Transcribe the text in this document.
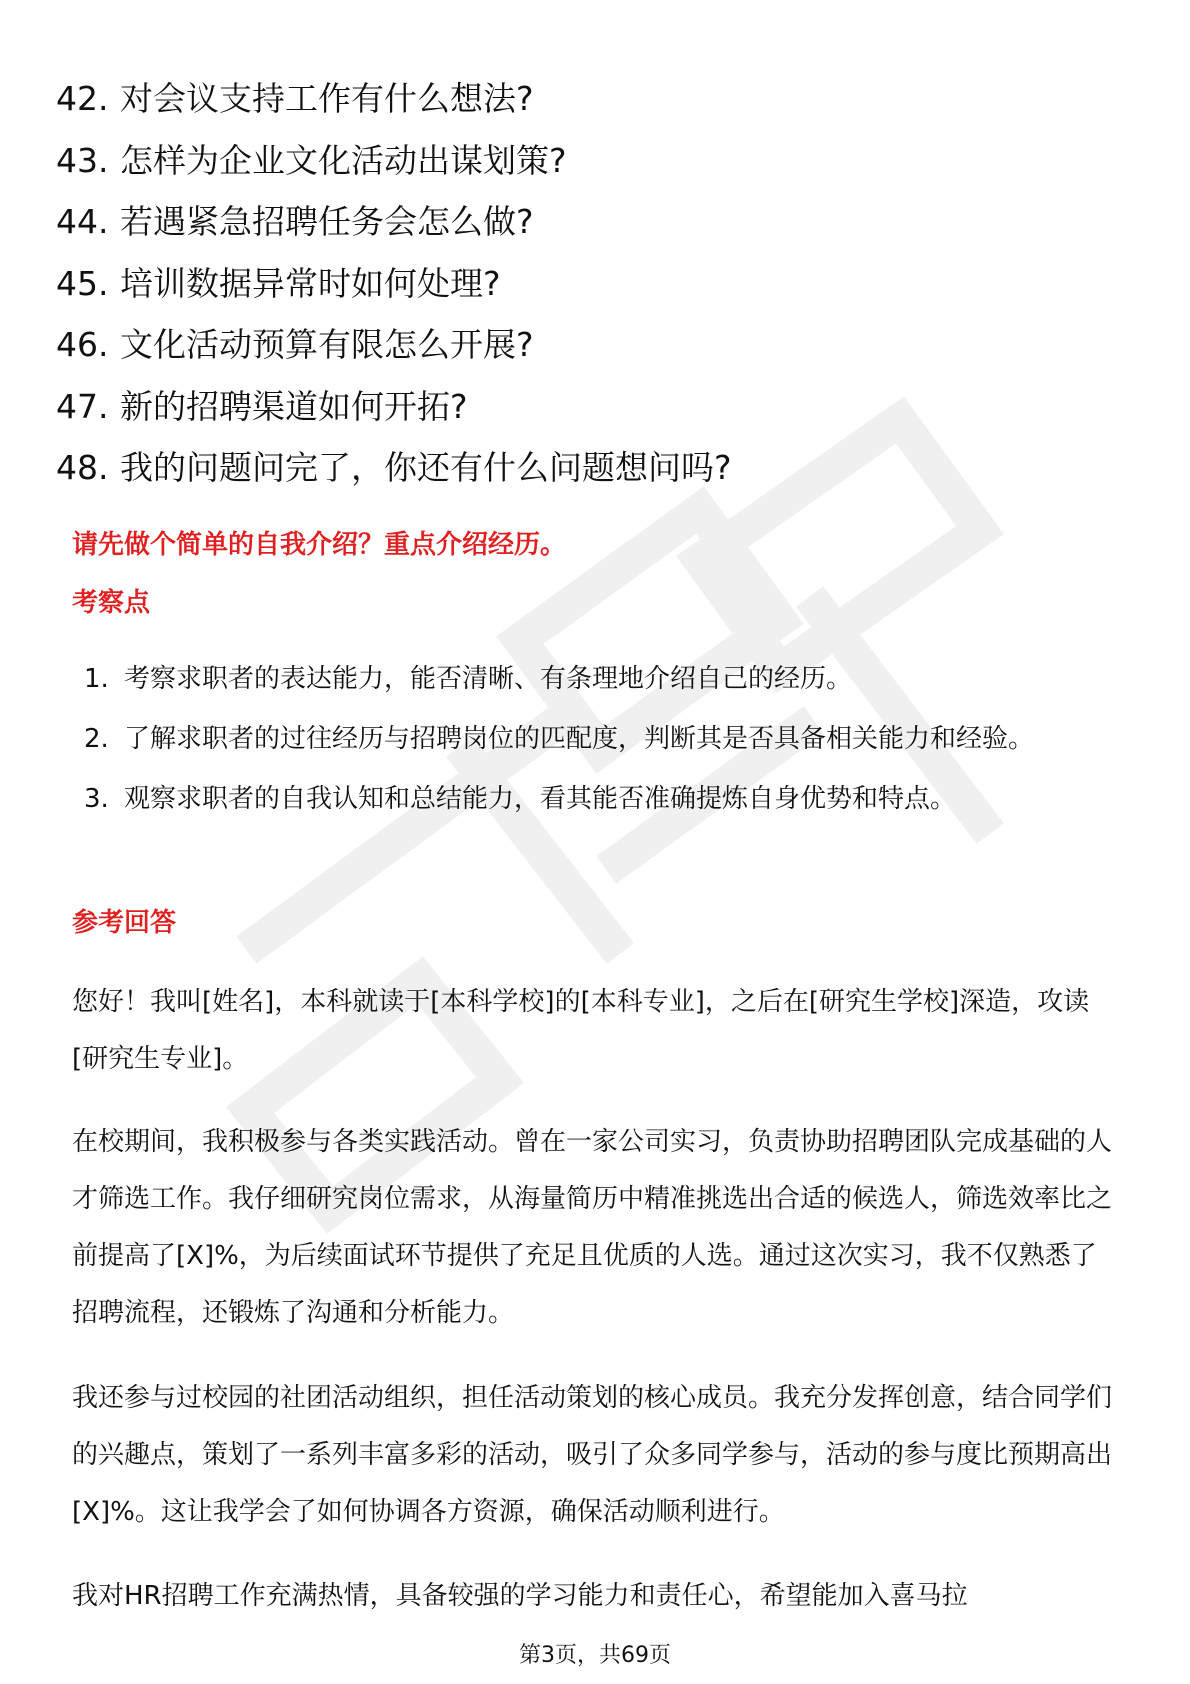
42. 对会议支持工作有什么想法?
43. 怎样为企业文化活动出谋划策?
44. 若遇紧急招聘任务会怎么做?
45. 培训数据异常时如何处理?
46. 文化活动预算有限怎么开展?
47. 新的招聘渠道如何开拓?
48. 我的问题问完了，你还有什么问题想问吗?
请先做个简单的自我介绍？重点介绍经历。
考察点
1. 考察求职者的表达能力，能否清晰、有条理地介绍自己的经历。
2. 了解求职者的过往经历与招聘岗位的匹配度，判断其是否具备相关能力和经验。
3. 观察求职者的自我认知和总结能力，看其能否准确提炼自身优势和特点。
参考回答
您好！我叫[姓名]，本科就读于[本科学校]的[本科专业]，之后在[研究生学校]深造，攻读[研究生专业]。
在校期间，我积极参与各类实践活动。曾在一家公司实习，负责协助招聘团队完成基础的人才筛选工作。我仔细研究岗位需求，从海量简历中精准挑选出合适的候选人，筛选效率比之前提高了[X]%，为后续面试环节提供了充足且优质的人选。通过这次实习，我不仅熟悉了招聘流程，还锻炼了沟通和分析能力。
我还参与过校园的社团活动组织，担任活动策划的核心成员。我充分发挥创意，结合同学们的兴趣点，策划了一系列丰富多彩的活动，吸引了众多同学参与，活动的参与度比预期高出[X]%。这让我学会了如何协调各方资源，确保活动顺利进行。
我对HR招聘工作充满热情，具备较强的学习能力和责任心，希望能加入喜马拉
第3页，共69页
